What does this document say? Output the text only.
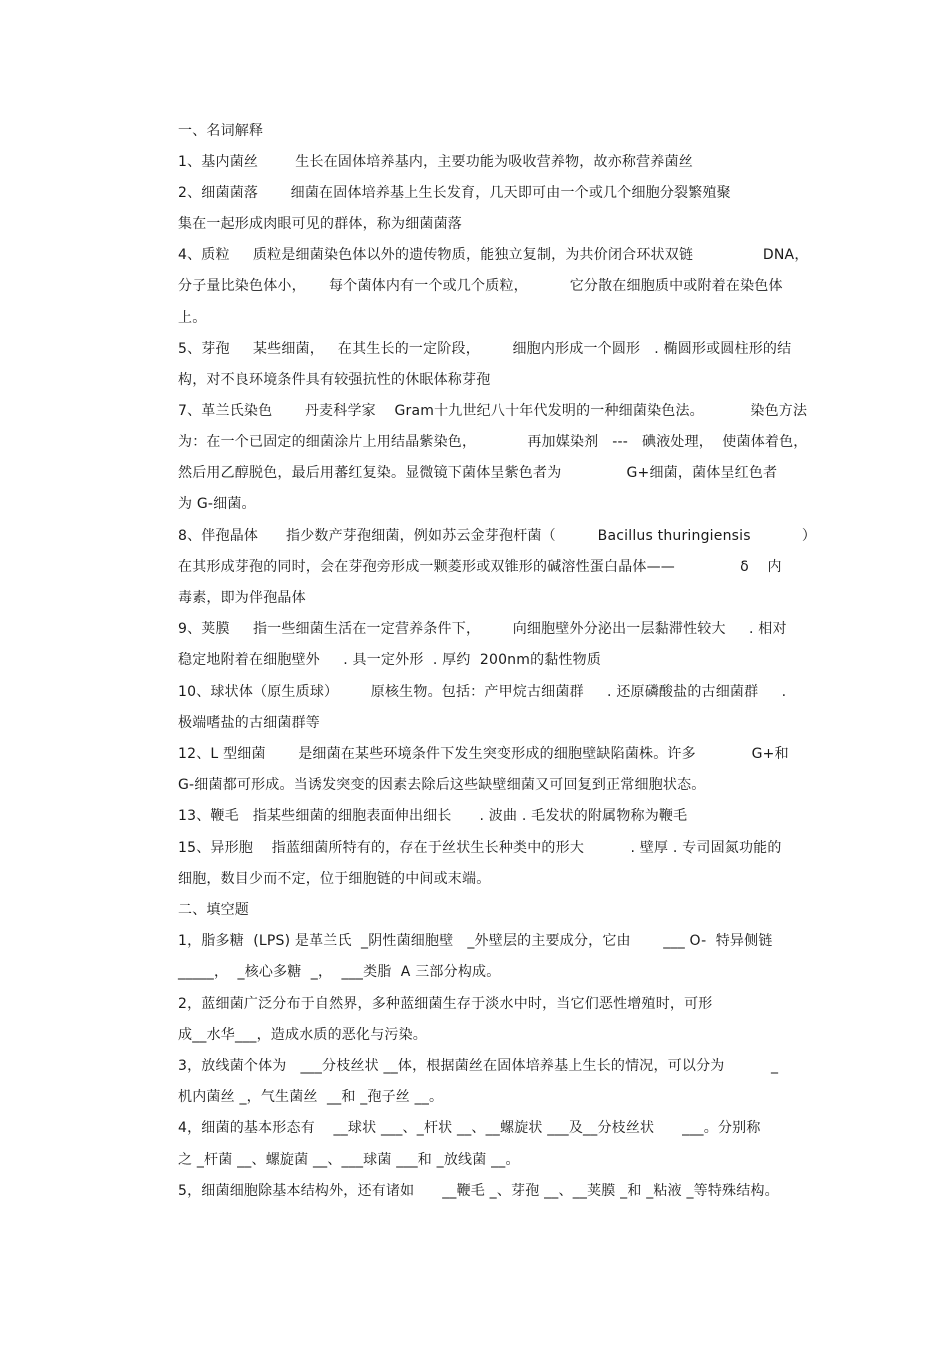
一、名词解释
1、基内菌丝        生长在固体培养基内，主要功能为吸收营养物，故亦称营养菌丝
2、细菌菌落       细菌在固体培养基上生长发育，几天即可由一个或几个细胞分裂繁殖聚
集在一起形成肉眼可见的群体，称为细菌菌落
4、质粒     质粒是细菌染色体以外的遗传物质，能独立复制，为共价闭合环状双链               DNA，
分子量比染色体小，     每个菌体内有一个或几个质粒，         它分散在细胞质中或附着在染色体
上。
5、芽孢     某些细菌，   在其生长的一定阶段，       细胞内形成一个圆形   . 椭圆形或圆柱形的结
构，对不良环境条件具有较强抗性的休眠体称芽孢
7、革兰氏染色       丹麦科学家    Gram十九世纪八十年代发明的一种细菌染色法。          染色方法
为：在一个已固定的细菌涂片上用结晶紫染色，           再加媒染剂   ---   碘液处理，  使菌体着色，
然后用乙醇脱色，最后用蕃红复染。显微镜下菌体呈紫色者为              G+细菌，菌体呈红色者
为 G-细菌。
8、伴孢晶体      指少数产芽孢细菌，例如苏云金芽孢杆菌（         Bacillus thuringiensis           ）
在其形成芽孢的同时，会在芽孢旁形成一颗菱形或双锥形的碱溶性蛋白晶体——              δ    内
毒素，即为伴孢晶体
9、荚膜     指一些细菌生活在一定营养条件下，       向细胞壁外分泌出一层黏滞性较大     . 相对
稳定地附着在细胞壁外     . 具一定外形  . 厚约  200nm的黏性物质
10、球状体（原生质球）       原核生物。包括：产甲烷古细菌群     . 还原磷酸盐的古细菌群     .
极端嗜盐的古细菌群等
12、L 型细菌       是细菌在某些环境条件下发生突变形成的细胞壁缺陷菌株。许多            G+和
G-细菌都可形成。当诱发突变的因素去除后这些缺壁细菌又可回复到正常细胞状态。
13、鞭毛   指某些细菌的细胞表面伸出细长      . 波曲 . 毛发状的附属物称为鞭毛
15、异形胞    指蓝细菌所特有的，存在于丝状生长种类中的形大          . 壁厚 . 专司固氮功能的
细胞，数目少而不定，位于细胞链的中间或末端。
二、填空题
1，脂多糖  (LPS) 是革兰氏  _阴性菌细胞壁   _外壁层的主要成分，它由       ___ O-  特异侧链
_____，  _核心多糖  _，  ___类脂  A 三部分构成。
2，蓝细菌广泛分布于自然界，多种蓝细菌生存于淡水中时，当它们恶性增殖时，可形
成__水华___，造成水质的恶化与污染。
3，放线菌个体为   ___分枝丝状 __体，根据菌丝在固体培养基上生长的情况，可以分为          _
机内菌丝 _，气生菌丝  __和 _孢子丝 __。
4，细菌的基本形态有    __球状 ___、_杆状 __、__螺旋状 ___及__分枝丝状      ___。分别称
之 _杆菌 __、螺旋菌 __、___球菌 ___和 _放线菌 __。
5，细菌细胞除基本结构外，还有诸如      __鞭毛 _、芽孢 __、__荚膜 _和 _粘液 _等特殊结构。
